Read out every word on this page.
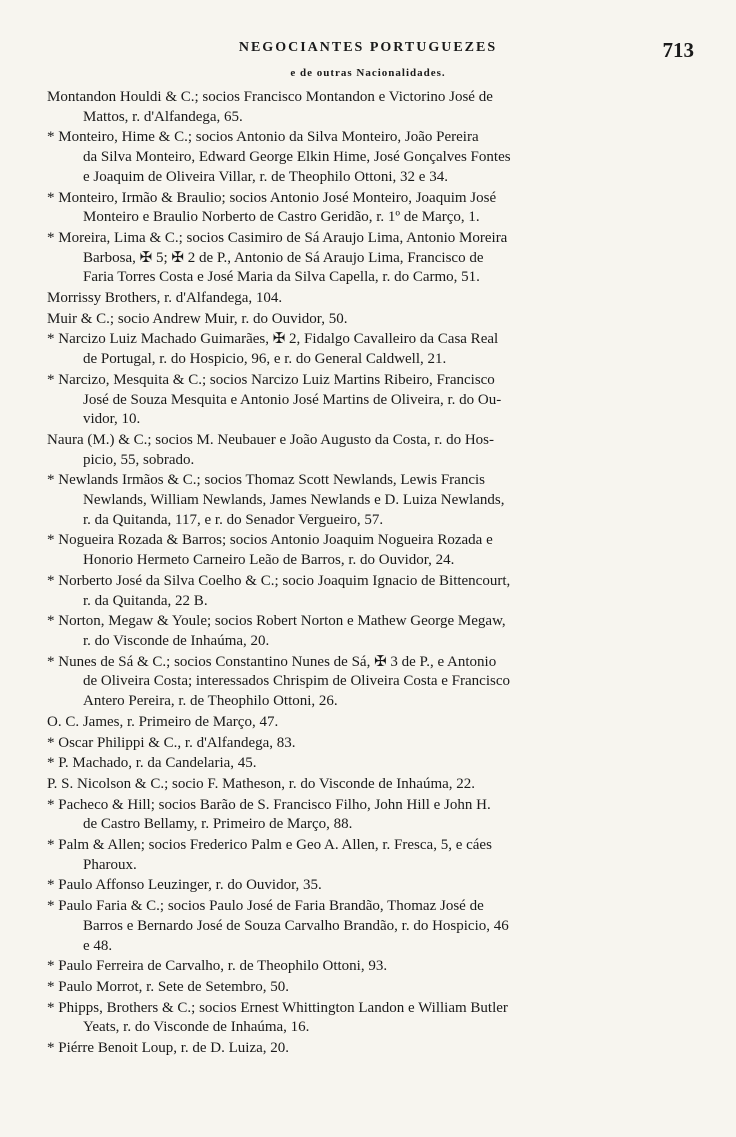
NEGOCIANTES PORTUGUEZES	713
e de outras Nacionalidades.
Montandon Houldi & C.; socios Francisco Montandon e Victorino José de
Mattos, r. d'Alfandega, 65.
* Monteiro, Hime & C.; socios Antonio da Silva Monteiro, João Pereira
da Silva Monteiro, Edward George Elkin Hime, José Gonçalves Fontes
e Joaquim de Oliveira Villar, r. de Theophilo Ottoni, 32 e 34.
* Monteiro, Irmão & Braulio; socios Antonio José Monteiro, Joaquim José
Monteiro e Braulio Norberto de Castro Geridão, r. 1º de Março, 1.
* Moreira, Lima & C.; socios Casimiro de Sá Araujo Lima, Antonio Moreira
Barbosa, ✠ 5; ✠ 2 de P., Antonio de Sá Araujo Lima, Francisco de
Faria Torres Costa e José Maria da Silva Capella, r. do Carmo, 51.
Morrissy Brothers, r. d'Alfandega, 104.
Muir & C.; socio Andrew Muir, r. do Ouvidor, 50.
* Narcizo Luiz Machado Guimarães, ✠ 2, Fidalgo Cavalleiro da Casa Real
de Portugal, r. do Hospicio, 96, e r. do General Caldwell, 21.
* Narcizo, Mesquita & C.; socios Narcizo Luiz Martins Ribeiro, Francisco
José de Souza Mesquita e Antonio José Martins de Oliveira, r. do Ou-
vidor, 10.
Naura (M.) & C.; socios M. Neubauer e João Augusto da Costa, r. do Hos-
picio, 55, sobrado.
* Newlands Irmãos & C.; socios Thomaz Scott Newlands, Lewis Francis
Newlands, William Newlands, James Newlands e D. Luiza Newlands,
r. da Quitanda, 117, e r. do Senador Vergueiro, 57.
* Nogueira Rozada & Barros; socios Antonio Joaquim Nogueira Rozada e
Honorio Hermeto Carneiro Leão de Barros, r. do Ouvidor, 24.
* Norberto José da Silva Coelho & C.; socio Joaquim Ignacio de Bittencourt,
r. da Quitanda, 22 B.
* Norton, Megaw & Youle; socios Robert Norton e Mathew George Megaw,
r. do Visconde de Inhaúma, 20.
* Nunes de Sá & C.; socios Constantino Nunes de Sá, ✠ 3 de P., e Antonio
de Oliveira Costa; interessados Chrispim de Oliveira Costa e Francisco
Antero Pereira, r. de Theophilo Ottoni, 26.
O. C. James, r. Primeiro de Março, 47.
* Oscar Philippi & C., r. d'Alfandega, 83.
* P. Machado, r. da Candelaria, 45.
P. S. Nicolson & C.; socio F. Matheson, r. do Visconde de Inhaúma, 22.
* Pacheco & Hill; socios Barão de S. Francisco Filho, John Hill e John H.
de Castro Bellamy, r. Primeiro de Março, 88.
* Palm & Allen; socios Frederico Palm e Geo A. Allen, r. Fresca, 5, e cáes
Pharoux.
* Paulo Affonso Leuzinger, r. do Ouvidor, 35.
* Paulo Faria & C.; socios Paulo José de Faria Brandão, Thomaz José de
Barros e Bernardo José de Souza Carvalho Brandão, r. do Hospicio, 46
e 48.
* Paulo Ferreira de Carvalho, r. de Theophilo Ottoni, 93.
* Paulo Morrot, r. Sete de Setembro, 50.
* Phipps, Brothers & C.; socios Ernest Whittington Landon e William Butler
Yeats, r. do Visconde de Inhaúma, 16.
* Piérre Benoit Loup, r. de D. Luiza, 20.
